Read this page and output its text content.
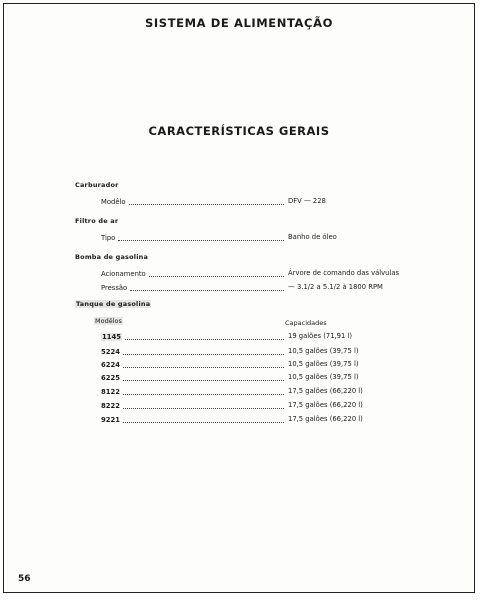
SISTEMA DE ALIMENTAÇÃO
CARACTERÍSTICAS GERAIS
Carburador
Modêlo	DFV — 228
Filtro de ar
Tipo	Banho de óleo
Bomba de gasolina
Acionamento	Árvore de comando das válvulas
Pressão	— 3.1/2 a 5.1/2 à 1800 RPM
Tanque de gasolina
Modêlos	Capacidades
1145	19 galões (71,91 l)
5224	10,5 galões (39,75 l)
6224	10,5 galões (39,75 l)
6225	10,5 galões (39,75 l)
8122	17,5 galões (66,220 l)
8222	17,5 galões (66,220 l)
9221	17,5 galões (66,220 l)
56
